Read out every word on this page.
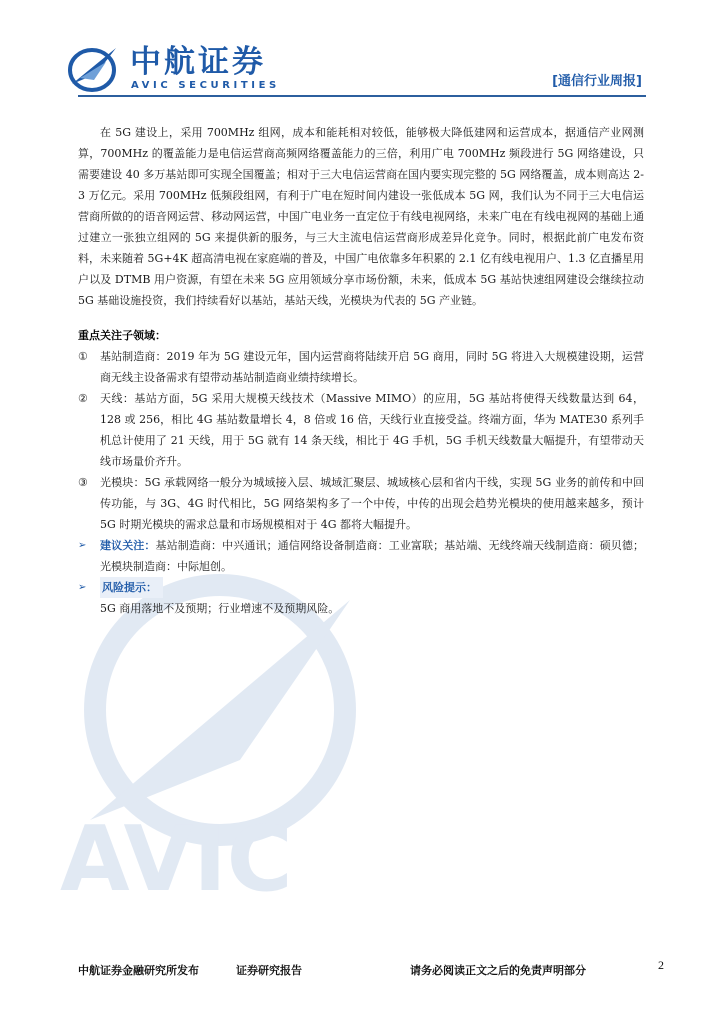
中航证券
AVIC SECURITIES	[通信行业周报]
AVIC

在 5G 建设上，采用 700MHz 组网，成本和能耗相对较低，能够极大降低建网和运营成本，据通信产业网测算，700MHz 的覆盖能力是电信运营商高频网络覆盖能力的三倍，利用广电 700MHz 频段进行 5G 网络建设，只需要建设 40 多万基站即可实现全国覆盖；相对于三大电信运营商在国内要实现完整的 5G 网络覆盖，成本则高达 2-3 万亿元。采用 700MHz 低频段组网，有利于广电在短时间内建设一张低成本 5G 网，我们认为不同于三大电信运营商所做的的语音网运营、移动网运营，中国广电业务一直定位于有线电视网络，未来广电在有线电视网的基础上通过建立一张独立组网的 5G 来提供新的服务，与三大主流电信运营商形成差异化竞争。同时，根据此前广电发布资料，未来随着 5G+4K 超高清电视在家庭端的普及，中国广电依靠多年积累的 2.1 亿有线电视用户、1.3 亿直播星用户以及 DTMB 用户资源，有望在未来 5G 应用领域分享市场份额，未来，低成本 5G 基站快速组网建设会继续拉动 5G 基础设施投资，我们持续看好以基站，基站天线，光模块为代表的 5G 产业链。

重点关注子领域：
①	基站制造商：2019 年为 5G 建设元年，国内运营商将陆续开启 5G 商用，同时 5G 将进入大规模建设期，运营商无线主设备需求有望带动基站制造商业绩持续增长。
②	天线：基站方面，5G 采用大规模天线技术（Massive MIMO）的应用，5G 基站将使得天线数量达到 64，128 或 256，相比 4G 基站数量增长 4，8 倍或 16 倍，天线行业直接受益。终端方面，华为 MATE30 系列手机总计使用了 21 天线，用于 5G 就有 14 条天线，相比于 4G 手机，5G 手机天线数量大幅提升，有望带动天线市场量价齐升。
③	光模块：5G 承载网络一般分为城域接入层、城域汇聚层、城域核心层和省内干线，实现 5G 业务的前传和中回传功能，与 3G、4G 时代相比，5G 网络架构多了一个中传，中传的出现会趋势光模块的使用越来越多，预计 5G 时期光模块的需求总量和市场规模相对于 4G 都将大幅提升。
➢	建议关注：基站制造商：中兴通讯；通信网络设备制造商：工业富联；基站端、无线终端天线制造商：硕贝德；光模块制造商：中际旭创。
➢	风险提示：
5G 商用落地不及预期；行业增速不及预期风险。
中航证券金融研究所发布	证券研究报告	请务必阅读正文之后的免责声明部分	2
